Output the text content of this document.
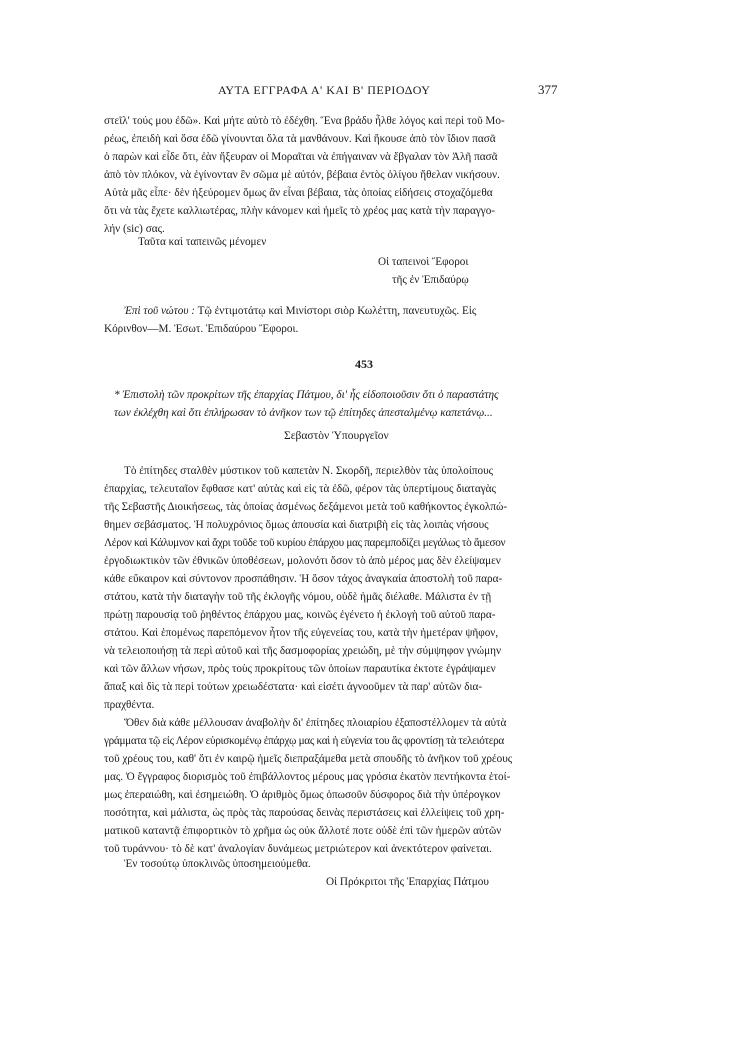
ΑΥΤΑ ΕΓΓΡΑΦΑ Α' ΚΑΙ Β' ΠΕΡΙΟΔΟΥ	377
στεῖλ' τούς μου ἐδῶ». Καὶ μήτε αὐτὸ τὸ ἐδέχθη. Ἕνα βράδυ ἦλθε λόγος καὶ περὶ τοῦ Μο-
ρέως, ἐπειδὴ καὶ ὅσα ἐδῶ γίνουνται ὅλα τὰ μανθάνουν. Καὶ ἤκουσε ἀπὸ τὸν ἴδιον πασᾶ
ὁ παρὼν καὶ εἶδε ὅτι, ἐὰν ἤξευραν οἱ Μοραῖται νὰ ἐπήγαιναν νὰ ἔβγαλαν τὸν Ἀλῆ πασᾶ
ἀπὸ τὸν πλόκον, νὰ ἐγίνονταν ἓν σῶμα μὲ αὐτόν, βέβαια ἐντὸς ὀλίγου ἤθελαν νικήσουν.
Αὐτὰ μᾶς εἶπε· δὲν ἠξεύρομεν ὅμως ἂν εἶναι βέβαια, τὰς ὁποίας εἰδήσεις στοχαζόμεθα
ὅτι νὰ τὰς ἔχετε καλλιωτέρας, πλὴν κάνομεν καὶ ἡμεῖς τὸ χρέος μας κατὰ τὴν παραγγο-
λήν (sic) σας.
Ταῦτα καὶ ταπεινῶς μένομεν
Οἱ ταπεινοὶ Ἔφοροι
τῆς ἐν Ἐπιδαύρῳ
Ἐπὶ τοῦ νώτου : Τῷ ἐντιμοτάτῳ καὶ Μινίστορι σιὸρ Κωλέττη, πανευτυχῶς. Εἰς
Κόρινθον—Μ. Ἐσωτ. Ἐπιδαύρου Ἔφοροι.
453
* Ἐπιστολὴ τῶν προκρίτων τῆς ἐπαρχίας Πάτμου, δι' ἧς εἰδοποιοῦσιν ὅτι ὁ παραστάτης
των ἐκλέχθη καὶ ὅτι ἐπλήρωσαν τὸ ἀνῆκον των τῷ ἐπίτηδες ἀπεσταλμένῳ καπετάνῳ...
Σεβαστὸν Ὑπουργεῖον
Τὸ ἐπίτηδες σταλθὲν μύστικον τοῦ καπετὰν Ν. Σκορδῆ, περιελθὸν τὰς ὑπολοίπους
ἐπαρχίας, τελευταῖον ἔφθασε κατ' αὐτὰς καὶ εἰς τὰ ἐδῶ, φέρον τὰς ὑπερτίμους διαταγὰς
τῆς Σεβαστῆς Διοικήσεως, τὰς ὁποίας ἀσμένως δεξάμενοι μετὰ τοῦ καθήκοντος ἐγκολπώ-
θημεν σεβάσματος. Ἡ πολυχρόνιος ὅμως ἀπουσία καὶ διατριβὴ εἰς τὰς λοιπὰς νήσους
Λέρον καὶ Κάλυμνον καὶ ἄχρι τοῦδε τοῦ κυρίου ἐπάρχου μας παρεμποδίζει μεγάλως τὸ ἄμεσον
ἐργοδιωκτικὸν τῶν ἐθνικῶν ὑποθέσεων, μολονότι ὅσον τὸ ἀπὸ μέρος μας δὲν ἐλείψαμεν
κάθε εὔκαιρον καὶ σύντονον προσπάθησιν. Ἡ ὅσον τάχος ἀναγκαία ἀποστολὴ τοῦ παρα-
στάτου, κατὰ τὴν διαταγὴν τοῦ τῆς ἐκλογῆς νόμου, οὐδὲ ἡμᾶς διέλαθε. Μάλιστα ἐν τῇ
πρώτῃ παρουσίᾳ τοῦ ῥηθέντος ἐπάρχου μας, κοινῶς ἐγένετο ἡ ἐκλογὴ τοῦ αὐτοῦ παρα-
στάτου. Καὶ ἑπομένως παρεπόμενον ἦτον τῆς εὐγενείας του, κατὰ τὴν ἡμετέραν ψῆφον,
νὰ τελειοποιήσῃ τὰ περὶ αὐτοῦ καὶ τῆς δασμοφορίας χρειώδη, μὲ τὴν σύμψηφον γνώμην
καὶ τῶν ἄλλων νήσων, πρὸς τοὺς προκρίτους τῶν ὁποίων παραυτίκα ἐκτοτε ἐγράψαμεν
ἅπαξ καὶ δὶς τὰ περὶ τούτων χρειωδέστατα· καὶ εἰσέτι ἀγνοοῦμεν τὰ παρ' αὐτῶν δια-
πραχθέντα.
Ὅθεν διὰ κάθε μέλλουσαν ἀναβολὴν δι' ἐπίτηδες πλοιαρίου ἐξαποστέλλομεν τὰ αὐτὰ
γράμματα τῷ εἰς Λέρον εὑρισκομένῳ ἐπάρχῳ μας καὶ ἡ εὐγενία του ἂς φροντίσῃ τὰ τελειότερα
τοῦ χρέους του, καθ' ὅτι ἐν καιρῷ ἡμεῖς διεπραξάμεθα μετὰ σπουδῆς τὸ ἀνῆκον τοῦ χρέους
μας. Ὁ ἔγγραφος διορισμὸς τοῦ ἐπιβάλλοντος μέρους μας γρόσια ἑκατὸν πεντήκοντα ἑτοί-
μως ἐπεραιώθη, καὶ ἐσημειώθη. Ὁ ἀριθμὸς ὅμως ὁπωσοῦν δύσφορος διὰ τὴν ὑπέρογκον
ποσότητα, καὶ μάλιστα, ὡς πρὸς τὰς παρούσας δεινὰς περιστάσεις καὶ ἐλλείψεις τοῦ χρη-
ματικοῦ καταντᾷ ἐπιφορτικὸν τὸ χρῆμα ὡς οὐκ ἄλλοτέ ποτε οὐδὲ ἐπὶ τῶν ἡμερῶν αὐτῶν
τοῦ τυράννου· τὸ δὲ κατ' ἀναλογίαν δυνάμεως μετριώτερον καὶ ἀνεκτότερον φαίνεται.
Ἐν τοσούτῳ ὑποκλινῶς ὑποσημειούμεθα.
Οἱ Πρόκριτοι τῆς Ἐπαρχίας Πάτμου
